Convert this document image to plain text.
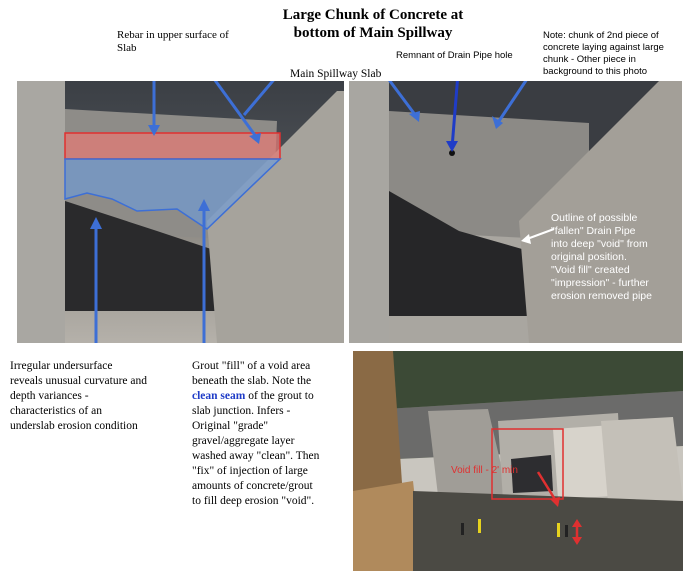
Large Chunk of Concrete at
bottom of Main Spillway
Rebar in upper surface of
Slab
Main Spillway Slab
Remnant of Drain Pipe hole
Note: chunk of 2nd piece of
concrete laying against large
chunk - Other piece in
background to this photo
Outline of possible
"fallen" Drain Pipe
into deep "void" from
original position.
"Void fill" created
"impression" - further
erosion removed pipe
Void fill - 2' min
Irregular undersurface
reveals unusual curvature and
depth variances -
characteristics of an
underslab erosion condition
Grout "fill" of a void area
beneath the slab. Note the
clean seam of the grout to
slab junction. Infers -
Original "grade"
gravel/aggregate layer
washed away "clean". Then
"fix" of injection of large
amounts of concrete/grout
to fill deep erosion "void".
